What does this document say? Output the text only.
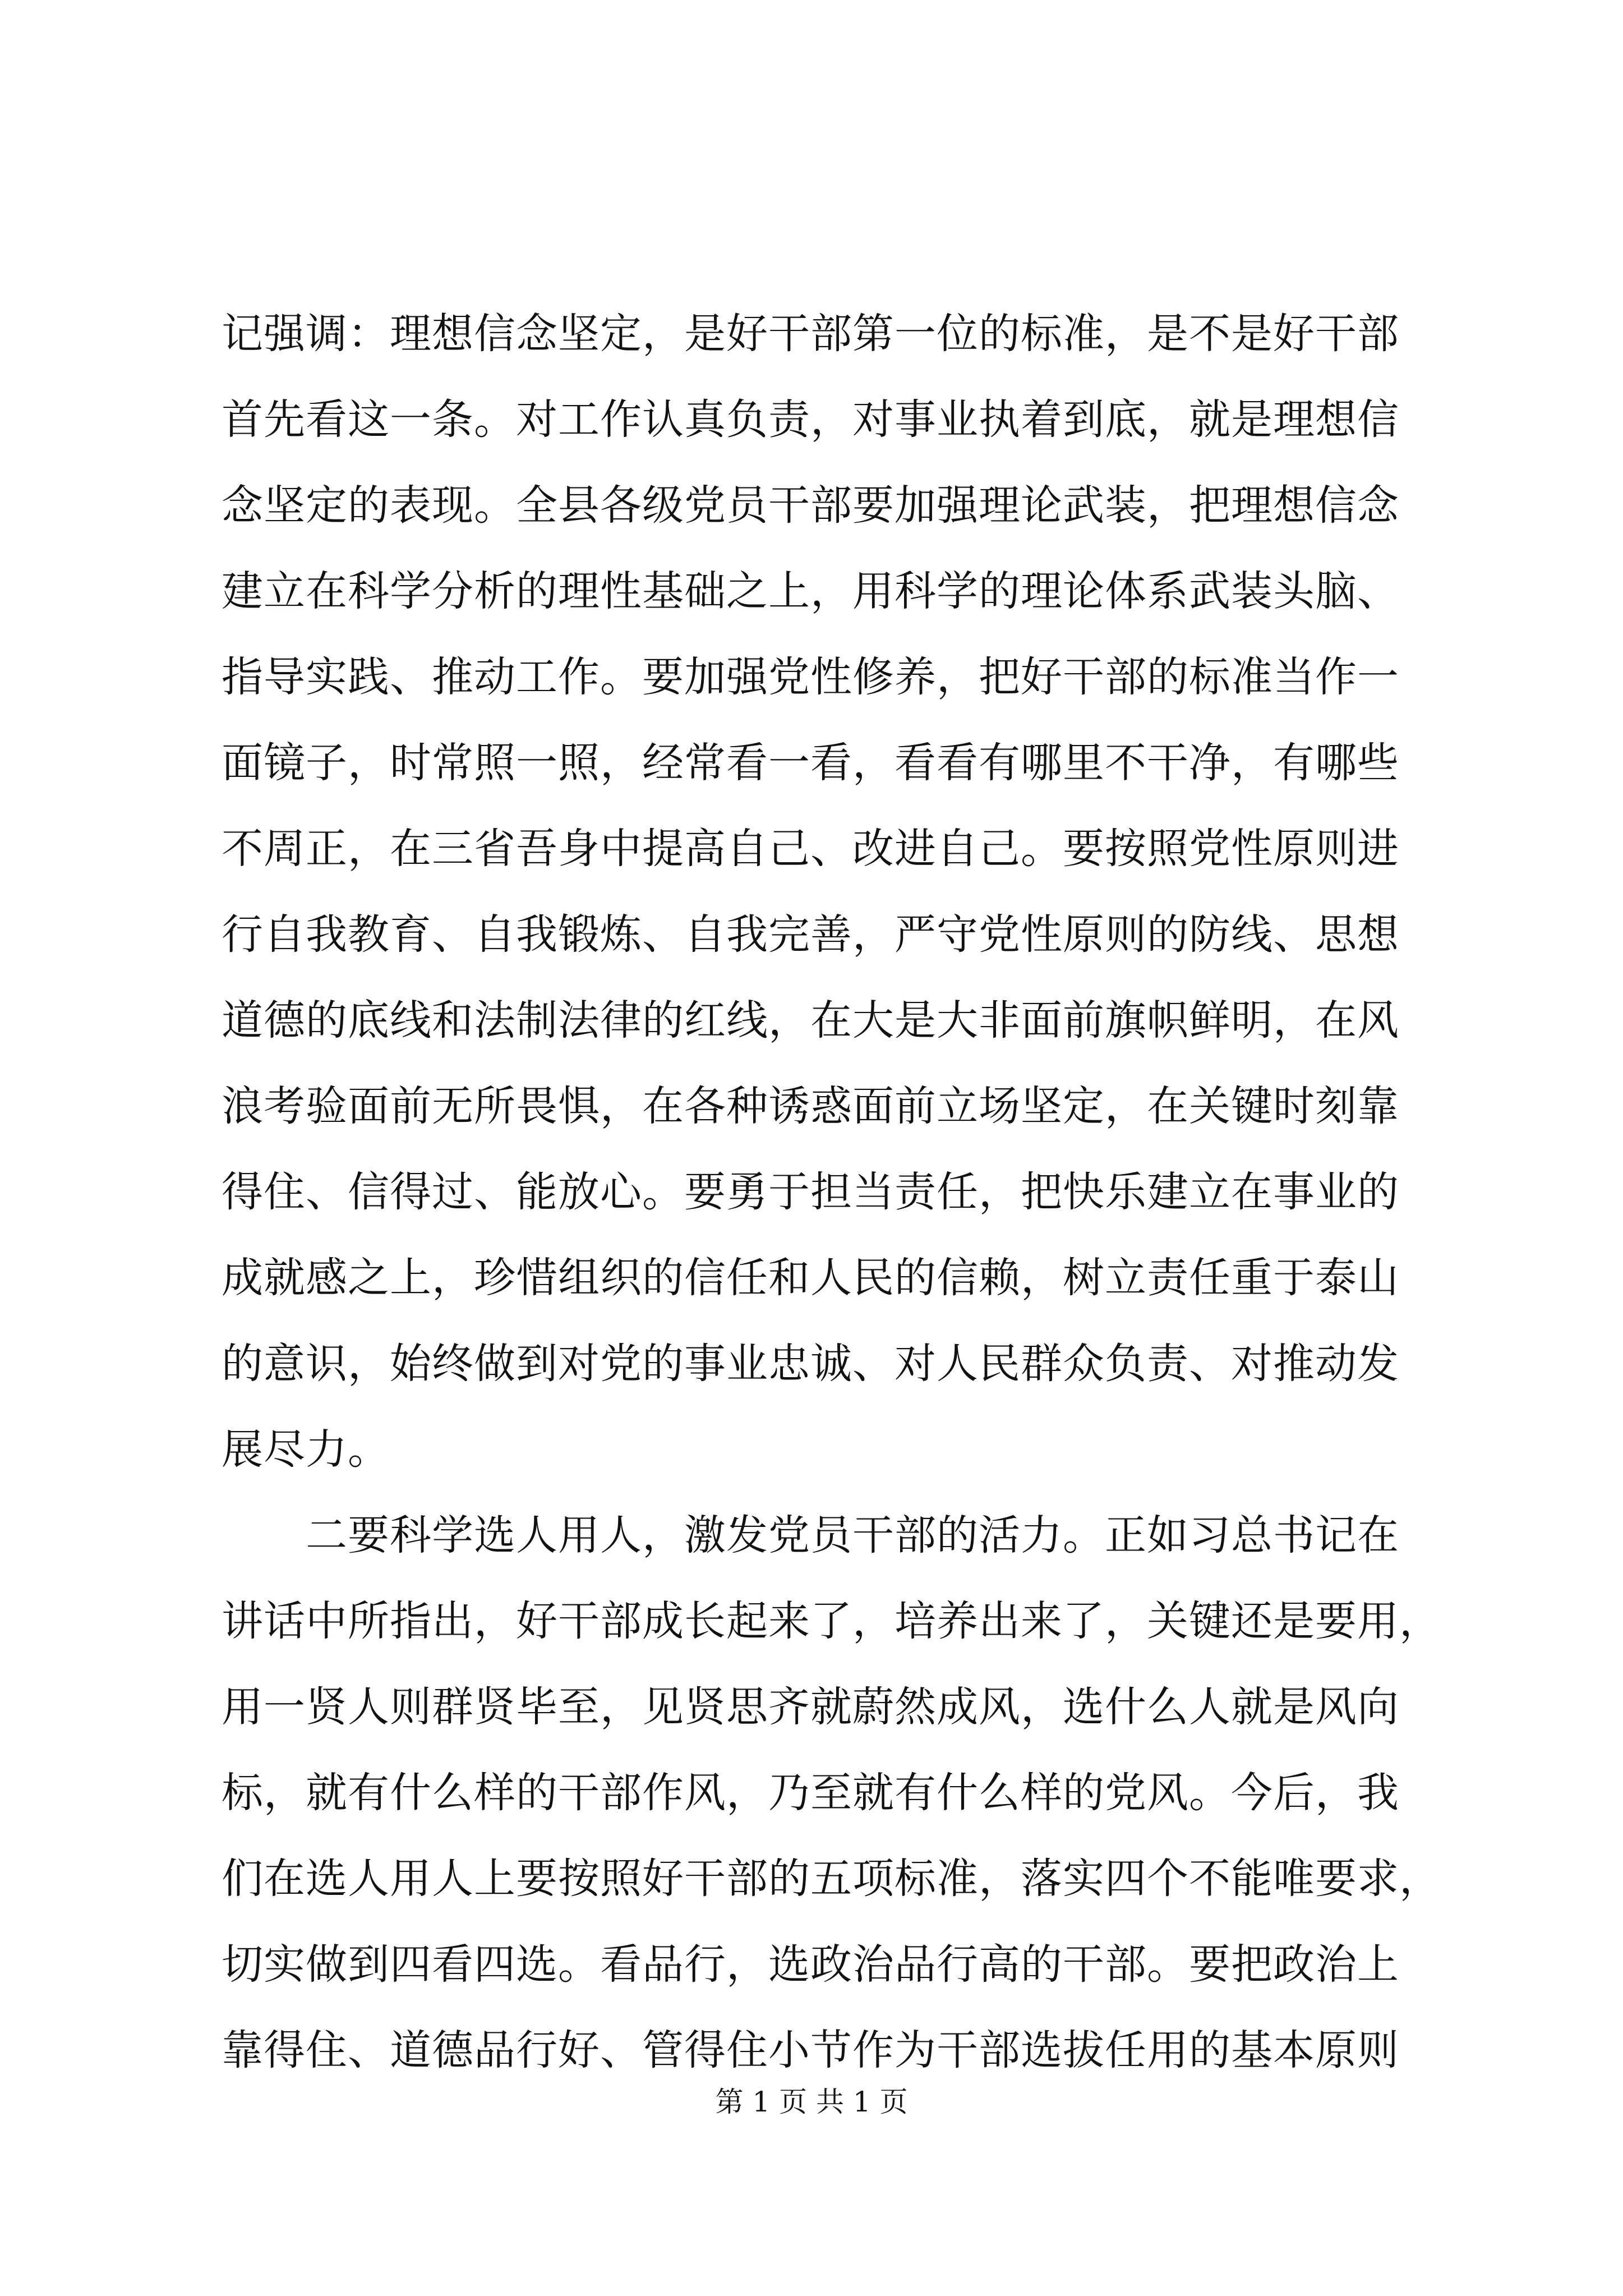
记强调：理想信念坚定，是好干部第一位的标准，是不是好干部
首先看这一条。对工作认真负责，对事业执着到底，就是理想信
念坚定的表现。全县各级党员干部要加强理论武装，把理想信念
建立在科学分析的理性基础之上，用科学的理论体系武装头脑、
指导实践、推动工作。要加强党性修养，把好干部的标准当作一
面镜子，时常照一照，经常看一看，看看有哪里不干净，有哪些
不周正，在三省吾身中提高自己、改进自己。要按照党性原则进
行自我教育、自我锻炼、自我完善，严守党性原则的防线、思想
道德的底线和法制法律的红线，在大是大非面前旗帜鲜明，在风
浪考验面前无所畏惧，在各种诱惑面前立场坚定，在关键时刻靠
得住、信得过、能放心。要勇于担当责任，把快乐建立在事业的
成就感之上，珍惜组织的信任和人民的信赖，树立责任重于泰山
的意识，始终做到对党的事业忠诚、对人民群众负责、对推动发
展尽力。
二要科学选人用人，激发党员干部的活力。正如习总书记在
讲话中所指出，好干部成长起来了，培养出来了，关键还是要用，
用一贤人则群贤毕至，见贤思齐就蔚然成风，选什么人就是风向
标，就有什么样的干部作风，乃至就有什么样的党风。今后，我
们在选人用人上要按照好干部的五项标准，落实四个不能唯要求，
切实做到四看四选。看品行，选政治品行高的干部。要把政治上
靠得住、道德品行好、管得住小节作为干部选拔任用的基本原则
第 1 页 共 1 页
